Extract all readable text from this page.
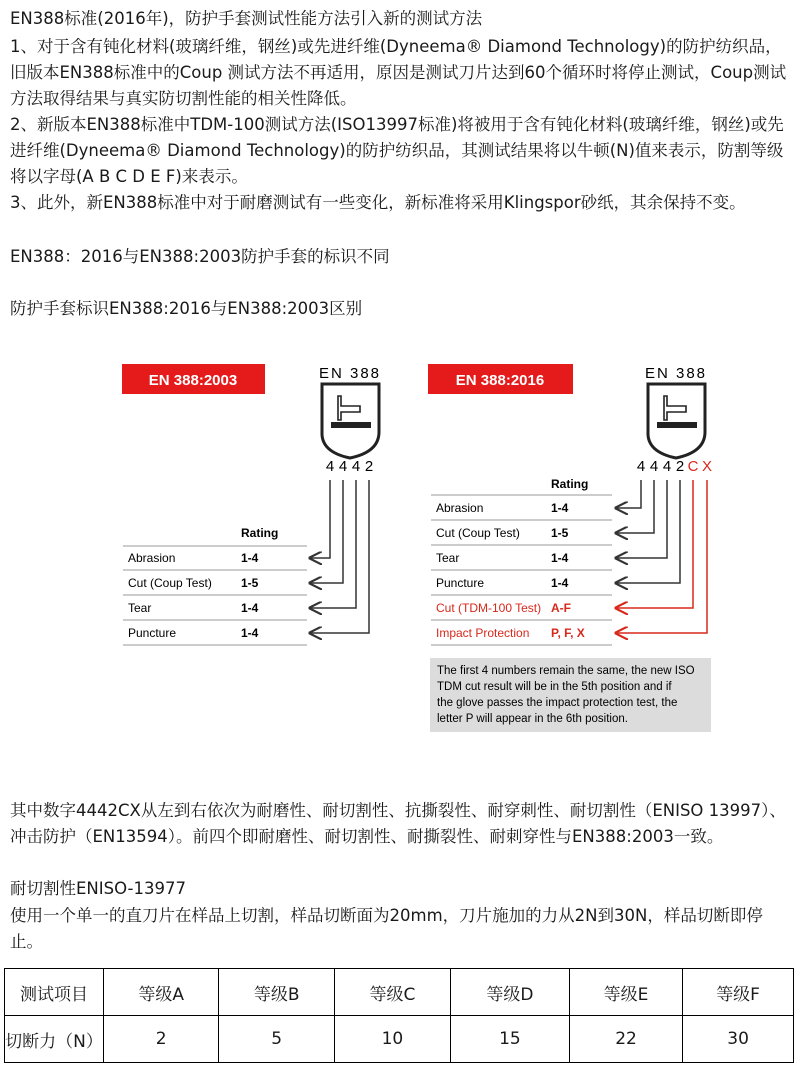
EN388标准(2016年)，防护手套测试性能方法引入新的测试方法

1、对于含有钝化材料(玻璃纤维，钢丝)或先进纤维(Dyneema® Diamond Technology)的防护纺织品，旧版本EN388标准中的Coup 测试方法不再适用，原因是测试刀片达到60个循环时将停止测试，Coup测试方法取得结果与真实防切割性能的相关性降低。

2、新版本EN388标准中TDM-100测试方法(ISO13997标准)将被用于含有钝化材料(玻璃纤维，钢丝)或先进纤维(Dyneema® Diamond Technology)的防护纺织品，其测试结果将以牛顿(N)值来表示，防割等级将以字母(A B C D E F)来表示。

3、此外，新EN388标准中对于耐磨测试有一些变化，新标准将采用Klingspor砂纸，其余保持不变。

EN388：2016与EN388:2003防护手套的标识不同

防护手套标识EN388:2016与EN388:2003区别

EN 388:2003	EN 388
4 4 4 2
Rating
Abrasion	1-4
Cut (Coup Test) 1-5
Tear	1-4
Puncture	1-4
EN 388:2016	EN 388
4 4 4 2 C X
Rating
Abrasion	1-4
Cut (Coup Test)	1-5
Tear	1-4
Puncture	1-4
Cut (TDM-100 Test) A-F
Impact Protection P, F, X
The first 4 numbers remain the same, the new ISO
TDM cut result will be in the 5th position and if
the glove passes the impact protection test, the
letter P will appear in the 6th position.

其中数字4442CX从左到右依次为耐磨性、耐切割性、抗撕裂性、耐穿刺性、耐切割性（ENISO 13997）、冲击防护（EN13594）。前四个即耐磨性、耐切割性、耐撕裂性、耐刺穿性与EN388:2003一致。

耐切割性ENISO-13977

使用一个单一的直刀片在样品上切割，样品切断面为20mm，刀片施加的力从2N到30N，样品切断即停止。

测试项目	等级A	等级B	等级C	等级D	等级E	等级F
切断力（N）	2	5	10	15	22	30
